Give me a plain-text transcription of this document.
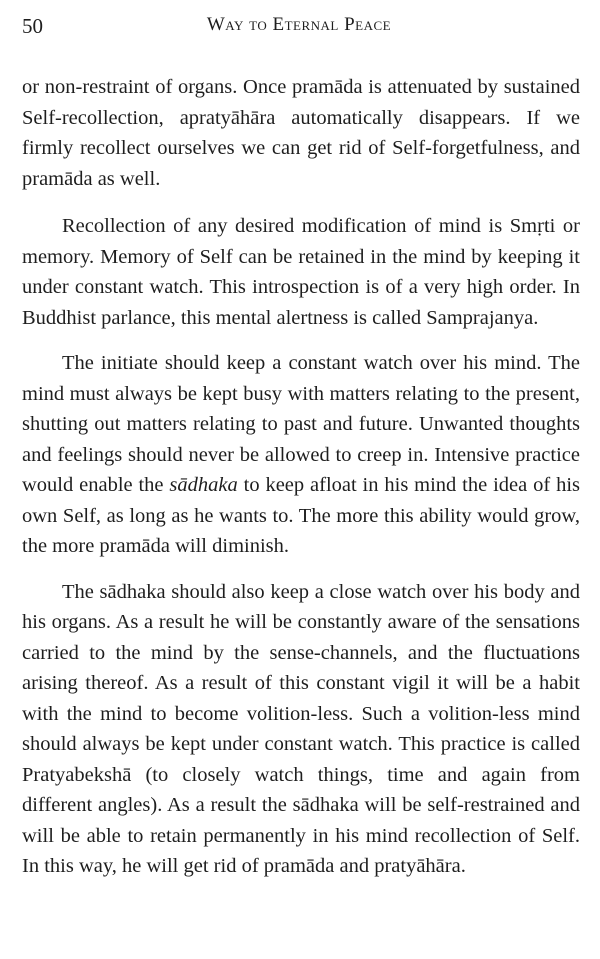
50	Way to Eternal Peace

or non-restraint of organs. Once pramāda is attenuated by sustained Self-recollection, apratyāhāra automatically disappears. If we firmly recollect ourselves we can get rid of Self-forgetfulness, and pramāda as well.

Recollection of any desired modification of mind is Smṛti or memory. Memory of Self can be retained in the mind by keeping it under constant watch. This introspection is of a very high order. In Buddhist parlance, this mental alertness is called Samprajanya.

The initiate should keep a constant watch over his mind. The mind must always be kept busy with matters relating to the present, shutting out matters relating to past and future. Unwanted thoughts and feelings should never be allowed to creep in. Intensive practice would enable the sādhaka to keep afloat in his mind the idea of his own Self, as long as he wants to. The more this ability would grow, the more pramāda will diminish.

The sādhaka should also keep a close watch over his body and his organs. As a result he will be constantly aware of the sensations carried to the mind by the sense-channels, and the fluctuations arising thereof. As a result of this constant vigil it will be a habit with the mind to become volition-less. Such a volition-less mind should always be kept under constant watch. This practice is called Pratyabekshā (to closely watch things, time and again from different angles). As a result the sādhaka will be self-restrained and will be able to retain permanently in his mind recollection of Self. In this way, he will get rid of pramāda and pratyāhāra.
